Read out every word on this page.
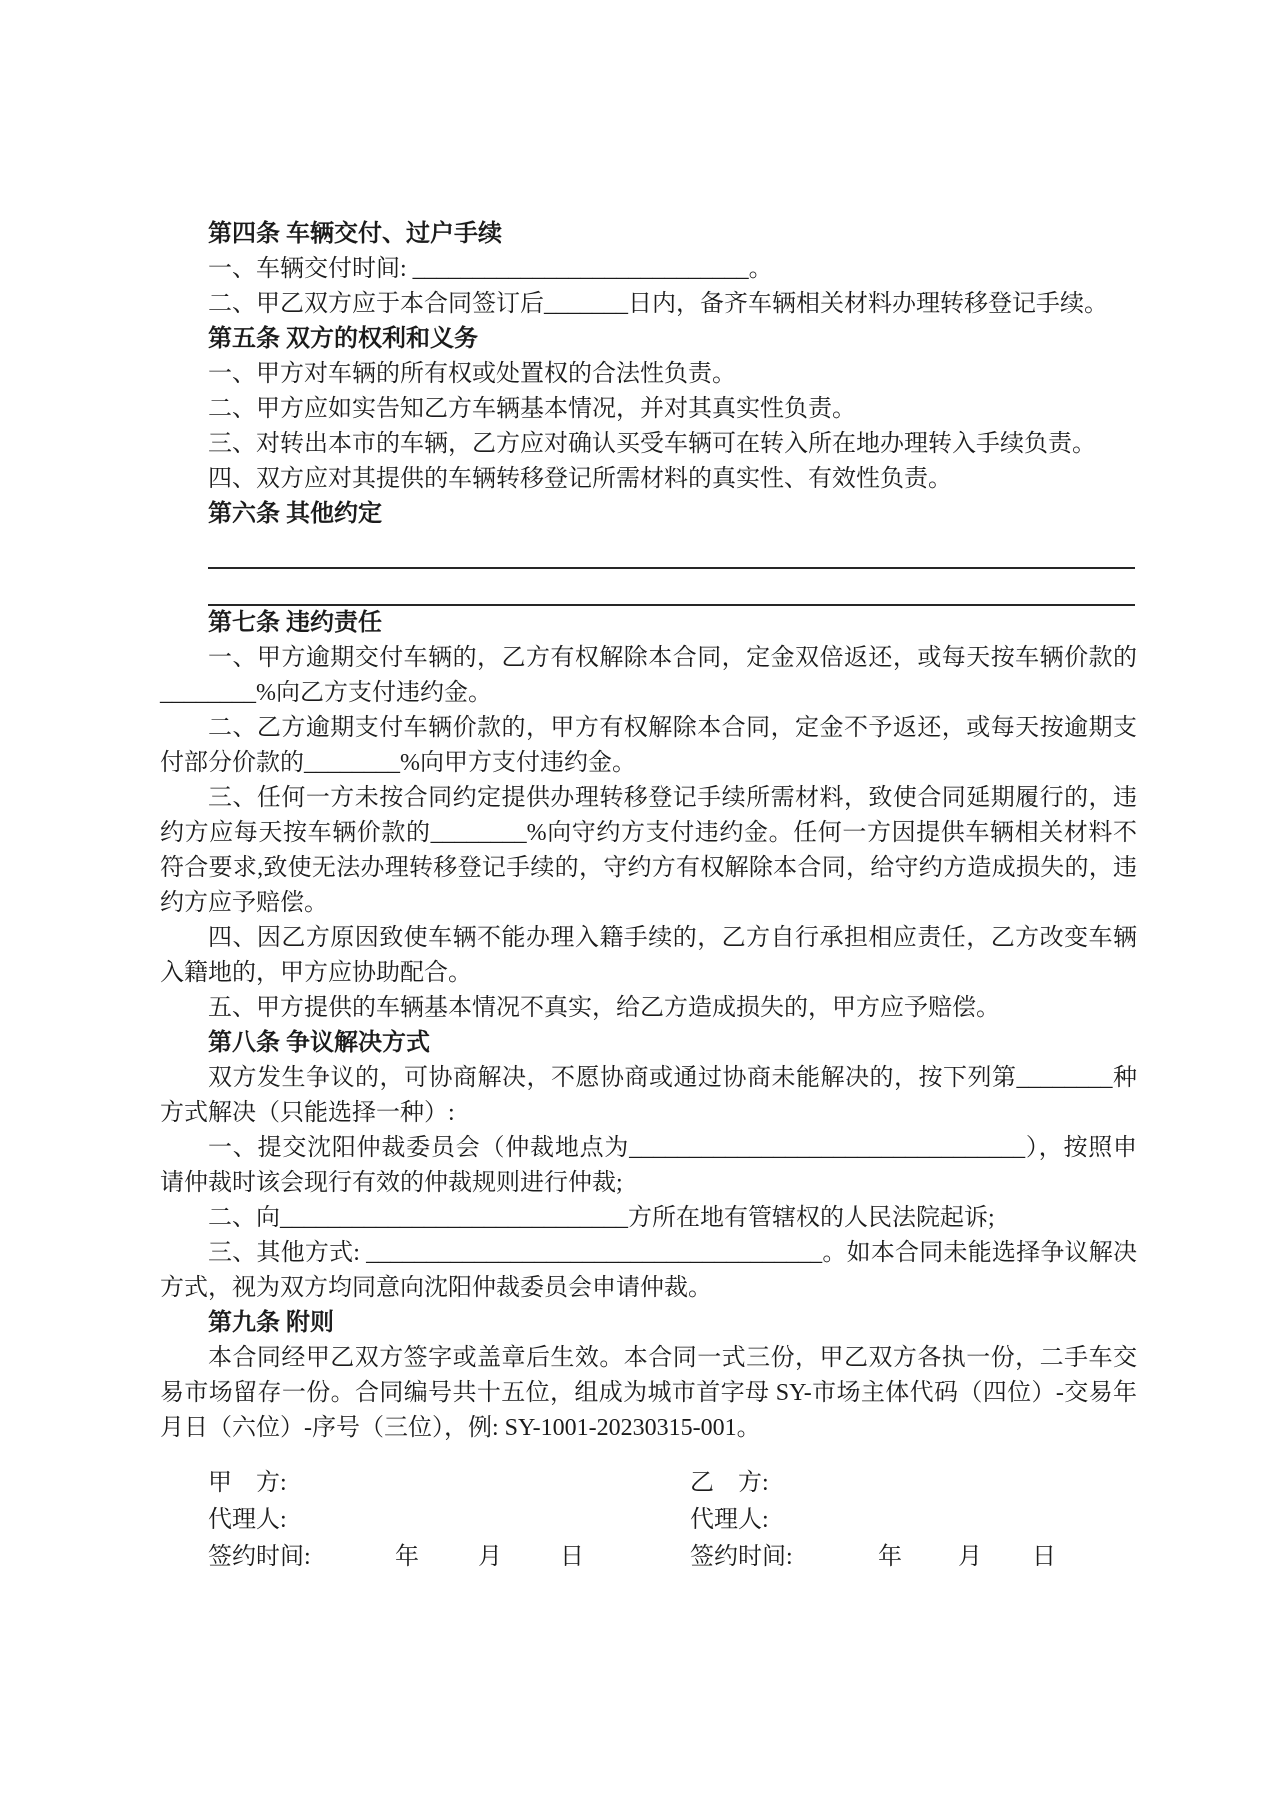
第四条 车辆交付、过户手续

一、车辆交付时间: ____________________________。

二、甲乙双方应于本合同签订后_______日内，备齐车辆相关材料办理转移登记手续。

第五条 双方的权利和义务

一、甲方对车辆的所有权或处置权的合法性负责。

二、甲方应如实告知乙方车辆基本情况，并对其真实性负责。

三、对转出本市的车辆，乙方应对确认买受车辆可在转入所在地办理转入手续负责。

四、双方应对其提供的车辆转移登记所需材料的真实性、有效性负责。

第六条 其他约定

第七条 违约责任

一、甲方逾期交付车辆的，乙方有权解除本合同，定金双倍返还，或每天按车辆价款的________%向乙方支付违约金。

二、乙方逾期支付车辆价款的，甲方有权解除本合同，定金不予返还，或每天按逾期支付部分价款的________%向甲方支付违约金。

三、任何一方未按合同约定提供办理转移登记手续所需材料，致使合同延期履行的，违约方应每天按车辆价款的________%向守约方支付违约金。任何一方因提供车辆相关材料不符合要求,致使无法办理转移登记手续的，守约方有权解除本合同，给守约方造成损失的，违约方应予赔偿。

四、因乙方原因致使车辆不能办理入籍手续的，乙方自行承担相应责任，乙方改变车辆入籍地的，甲方应协助配合。

五、甲方提供的车辆基本情况不真实，给乙方造成损失的，甲方应予赔偿。

第八条 争议解决方式

双方发生争议的，可协商解决，不愿协商或通过协商未能解决的，按下列第________种方式解决（只能选择一种）:

一、提交沈阳仲裁委员会（仲裁地点为_________________________________），按照申请仲裁时该会现行有效的仲裁规则进行仲裁;

二、向_____________________________方所在地有管辖权的人民法院起诉;

三、其他方式: ______________________________________。如本合同未能选择争议解决方式，视为双方均同意向沈阳仲裁委员会申请仲裁。

第九条 附则

本合同经甲乙双方签字或盖章后生效。本合同一式三份，甲乙双方各执一份，二手车交易市场留存一份。合同编号共十五位，组成为城市首字母 SY-市场主体代码（四位）-交易年月日（六位）-序号（三位），例: SY-1001-20230315-001。

甲　方:	乙　方:
代理人:	代理人:
签约时间:	年 月 日	签约时间:	年 月 日
